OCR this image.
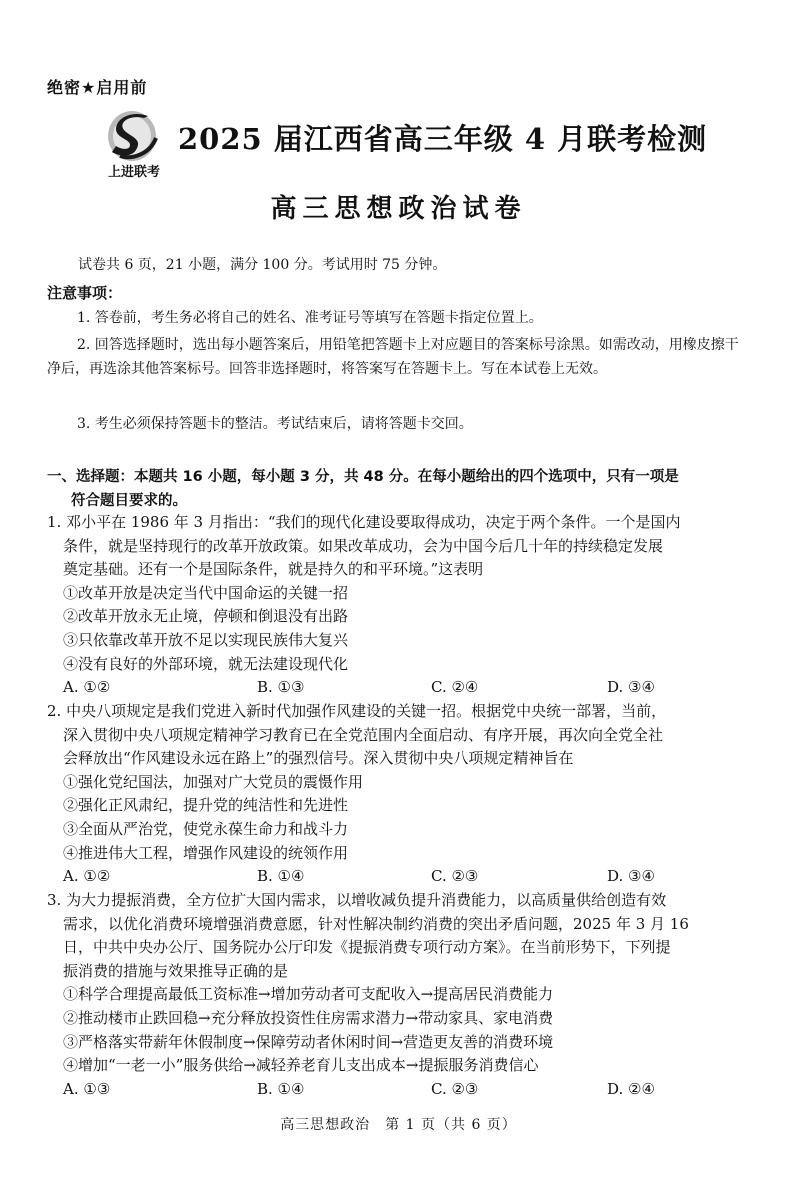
绝密★启用前
上进联考
2025 届江西省高三年级 4 月联考检测
高三思想政治试卷
试卷共 6 页，21 小题，满分 100 分。考试用时 75 分钟。
注意事项：
1. 答卷前，考生务必将自己的姓名、准考证号等填写在答题卡指定位置上。
2. 回答选择题时，选出每小题答案后，用铅笔把答题卡上对应题目的答案标号涂黑。如需改动，用橡皮擦干净后，再选涂其他答案标号。回答非选择题时，将答案写在答题卡上。写在本试卷上无效。
3. 考生必须保持答题卡的整洁。考试结束后，请将答题卡交回。
一、选择题：本题共 16 小题，每小题 3 分，共 48 分。在每小题给出的四个选项中，只有一项是
符合题目要求的。
1. 邓小平在 1986 年 3 月指出：“我们的现代化建设要取得成功，决定于两个条件。一个是国内
条件，就是坚持现行的改革开放政策。如果改革成功，会为中国今后几十年的持续稳定发展
奠定基础。还有一个是国际条件，就是持久的和平环境。”这表明
①改革开放是决定当代中国命运的关键一招
②改革开放永无止境，停顿和倒退没有出路
③只依靠改革开放不足以实现民族伟大复兴
④没有良好的外部环境，就无法建设现代化
A. ①②	B. ①③	C. ②④	D. ③④
2. 中央八项规定是我们党进入新时代加强作风建设的关键一招。根据党中央统一部署，当前，
深入贯彻中央八项规定精神学习教育已在全党范围内全面启动、有序开展，再次向全党全社
会释放出“作风建设永远在路上”的强烈信号。深入贯彻中央八项规定精神旨在
①强化党纪国法，加强对广大党员的震慑作用
②强化正风肃纪，提升党的纯洁性和先进性
③全面从严治党，使党永葆生命力和战斗力
④推进伟大工程，增强作风建设的统领作用
A. ①②	B. ①④	C. ②③	D. ③④
3. 为大力提振消费，全方位扩大国内需求，以增收减负提升消费能力，以高质量供给创造有效
需求，以优化消费环境增强消费意愿，针对性解决制约消费的突出矛盾问题，2025 年 3 月 16
日，中共中央办公厅、国务院办公厅印发《提振消费专项行动方案》。在当前形势下，下列提
振消费的措施与效果推导正确的是
①科学合理提高最低工资标准→增加劳动者可支配收入→提高居民消费能力
②推动楼市止跌回稳→充分释放投资性住房需求潜力→带动家具、家电消费
③严格落实带薪年休假制度→保障劳动者休闲时间→营造更友善的消费环境
④增加“一老一小”服务供给→减轻养老育儿支出成本→提振服务消费信心
A. ①③	B. ①④	C. ②③	D. ②④
高三思想政治　第 1 页（共 6 页）
